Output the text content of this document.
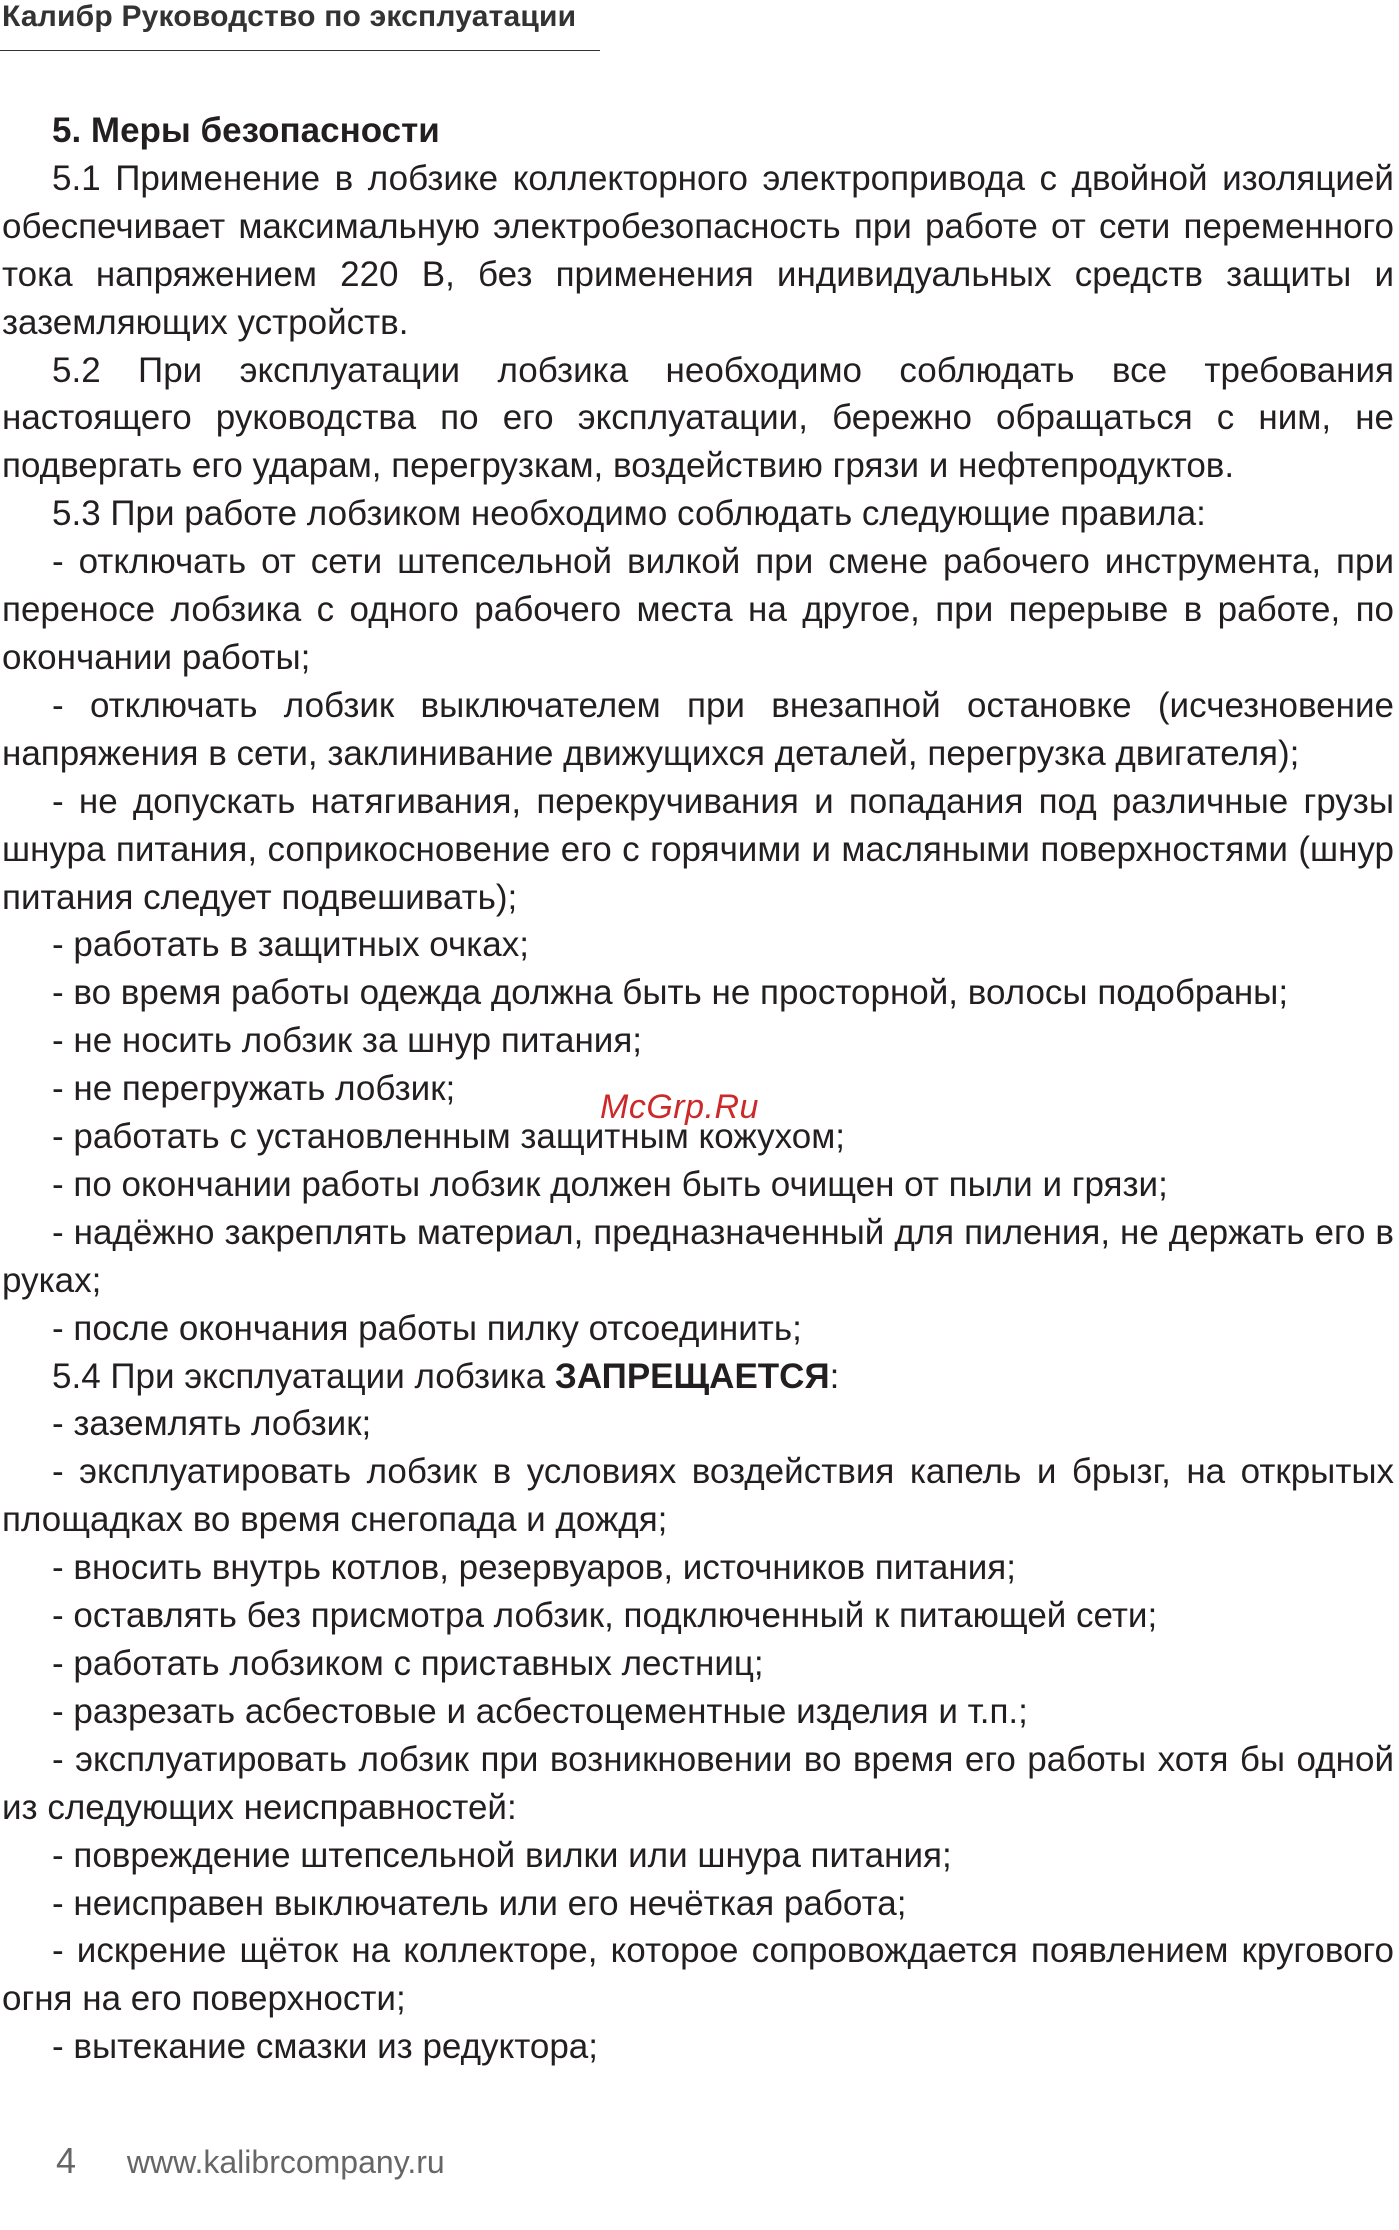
Калибр Руководство по эксплуатации

5. Меры безопасности

5.1 Применение в лобзике коллекторного электропривода с двойной изоляцией обеспечивает максимальную электробезопасность при работе от сети переменного тока напряжением 220 В, без применения индивидуальных средств защиты и заземляющих устройств.

5.2 При эксплуатации лобзика необходимо соблюдать все требования настоящего руководства по его эксплуатации, бережно обращаться с ним, не подвергать его ударам, перегрузкам, воздействию грязи и нефтепродуктов.

5.3 При работе лобзиком необходимо соблюдать следующие правила:

- отключать от сети штепсельной вилкой при смене рабочего инструмента, при переносе лобзика с одного рабочего места на другое, при перерыве в работе, по окончании работы;

- отключать лобзик выключателем при внезапной остановке (исчезновение напряжения в сети, заклинивание движущихся деталей, перегрузка двигателя);

- не допускать натягивания, перекручивания и попадания под различные грузы шнура питания, соприкосновение его с горячими и масляными поверхностями (шнур питания следует подвешивать);

- работать в защитных очках;

- во время работы одежда должна быть не просторной, волосы подобраны;

- не носить лобзик за шнур питания;

- не перегружать лобзик;

- работать с установленным защитным кожухом;

- по окончании работы лобзик должен быть очищен от пыли и грязи;

- надёжно закреплять материал, предназначенный для пиления, не держать его в руках;

- после окончания работы пилку отсоединить;

5.4 При эксплуатации лобзика ЗАПРЕЩАЕТСЯ:

- заземлять лобзик;

- эксплуатировать лобзик в условиях воздействия капель и брызг, на открытых площадках во время снегопада и дождя;

- вносить внутрь котлов, резервуаров, источников питания;

- оставлять без присмотра лобзик, подключенный к питающей сети;

- работать лобзиком с приставных лестниц;

- разрезать асбестовые и асбестоцементные изделия и т.п.;

- эксплуатировать лобзик при возникновении во время его работы хотя бы одной из следующих неисправностей:

- повреждение штепсельной вилки или шнура питания;

- неисправен выключатель или его нечёткая работа;

- искрение щёток на коллекторе, которое сопровождается появлением кругового огня на его поверхности;

- вытекание смазки из редуктора;

McGrp.Ru
4 www.kalibrcompany.ru
